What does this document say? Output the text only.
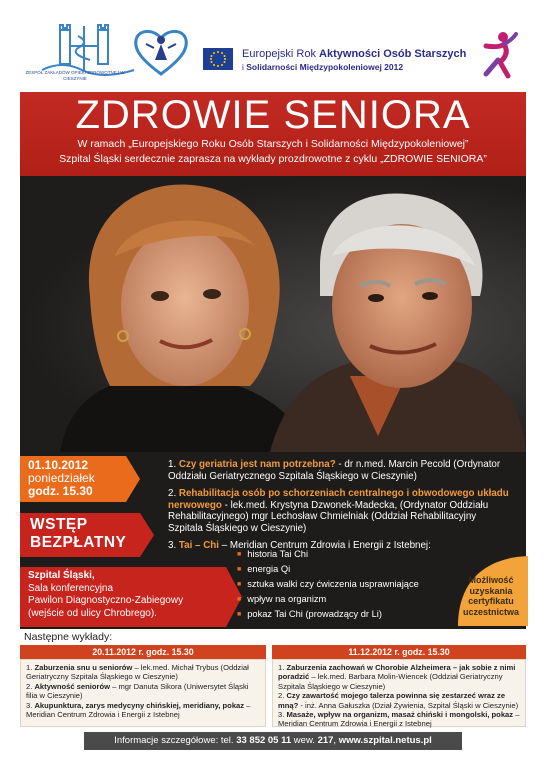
ZESPÓŁ ZAKŁADÓW OPIEKI ZDROWOTNEJ W CIESZYNIE
Europejski Rok Aktywności Osób Starszych
i Solidarności Międzypokoleniowej 2012
ZDROWIE SENIORA
W ramach „Europejskiego Roku Osób Starszych i Solidarności Międzypokoleniowej”
Szpital Śląski serdecznie zaprasza na wykłady prozdrowotne z cyklu „ZDROWIE SENIORA”
01.10.2012
poniedziałek
godz. 15.30
WSTĘP
BEZPŁATNY
Szpital Śląski,
Sala konferencyjna
Pawilon Diagnostyczno-Zabiegowy
(wejście od ulicy Chrobrego).
1. Czy geriatria jest nam potrzebna? - dr n.med. Marcin Pecold (Ordynator Oddziału Geriatrycznego Szpitala Śląskiego w Cieszynie)
2. Rehabilitacja osób po schorzeniach centralnego i obwodowego układu nerwowego - lek.med. Krystyna Dzwonek-Madecka, (Ordynator Oddziału Rehabilitacyjnego) mgr Lechosław Chmielniak (Oddział Rehabilitacyjny Szpitala Śląskiego w Cieszynie)
3. Tai – Chi – Meridian Centrum Zdrowia i Energii z Istebnej:
■ historia Tai Chi
■ energia Qi
■ sztuka walki czy ćwiczenia usprawniające
■ wpływ na organizm
■ pokaz Tai Chi (prowadzący dr Li)
Możliwość
uzyskania
certyfikatu
uczestnictwa
Następne wykłady:
20.11.2012 r. godz. 15.30	11.12.2012 r. godz. 15.30
1. Zaburzenia snu u seniorów – lek.med. Michał Trybus (Oddział Geriatryczny Szpitala Śląskiego w Cieszynie)
2. Aktywność seniorów – mgr Danuta Sikora (Uniwersytet Śląski filia w Cieszynie)
3. Akupunktura, zarys medycyny chińskiej, meridiany, pokaz – Meridian Centrum Zdrowia i Energii z Istebnej
1. Zaburzenia zachowań w Chorobie Alzheimera – jak sobie z nimi poradzić – lek.med. Barbara Molin-Wiencek (Oddział Geriatryczny Szpitala Śląskiego w Cieszynie)
2. Czy zawartość mojego talerza powinna się zestarzeć wraz ze mną? - inż. Anna Gałuszka (Dział Żywienia, Szpital Śląski w Cieszynie)
3. Masaże, wpływ na organizm, masaż chiński i mongolski, pokaz – Meridian Centrum Zdrowia i Energii z Istebnej
Informacje szczegółowe: tel. 33 852 05 11 wew. 217, www.szpital.netus.pl
